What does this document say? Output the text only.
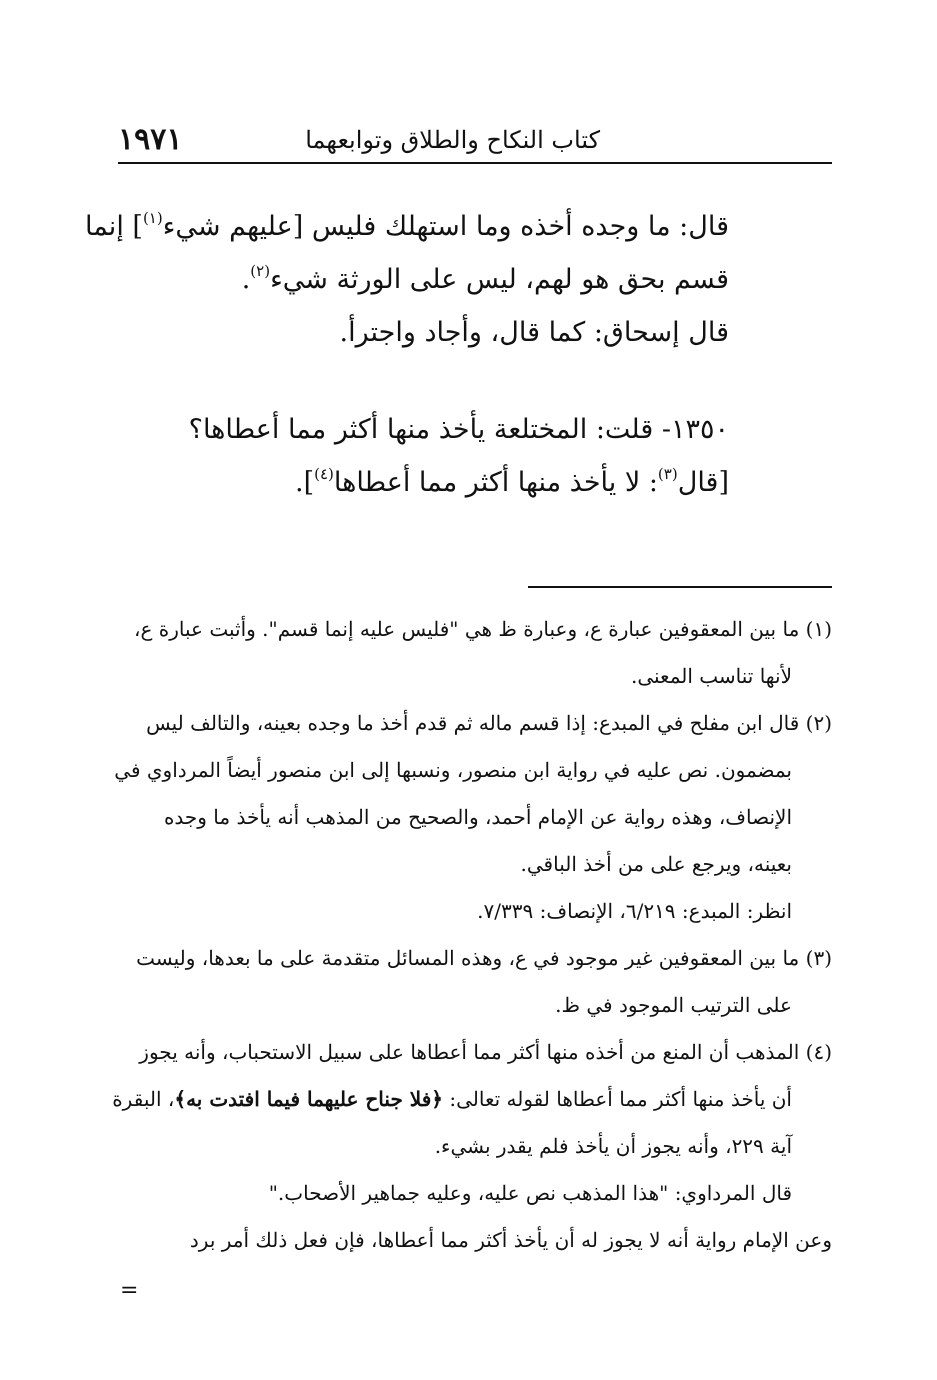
١٩٧١	كتاب النكاح والطلاق وتوابعهما

قال: ما وجده أخذه وما استهلك فليس [عليهم شيء$^{(١)}$] إنما

قسم بحق هو لهم، ليس على الورثة شيء$^{(٢)}$.

قال إسحاق: كما قال، وأجاد واجترأ.

١٣٥٠- قلت: المختلعة يأخذ منها أكثر مما أعطاها؟

[قال$^{(٣)}$: لا يأخذ منها أكثر مما أعطاها$^{(٤)}$].

(١) ما بين المعقوفين عبارة ع، وعبارة ظ هي "فليس عليه إنما قسم". وأثبت عبارة ع،
لأنها تناسب المعنى.
(٢) قال ابن مفلح في المبدع: إذا قسم ماله ثم قدم أخذ ما وجده بعينه، والتالف ليس
بمضمون. نص عليه في رواية ابن منصور، ونسبها إلى ابن منصور أيضاً المرداوي في
الإنصاف، وهذه رواية عن الإمام أحمد، والصحيح من المذهب أنه يأخذ ما وجده
بعينه، ويرجع على من أخذ الباقي.
انظر: المبدع: ٦/٢١٩، الإنصاف: ٧/٣٣٩.
(٣) ما بين المعقوفين غير موجود في ع، وهذه المسائل متقدمة على ما بعدها، وليست
على الترتيب الموجود في ظ.
(٤) المذهب أن المنع من أخذه منها أكثر مما أعطاها على سبيل الاستحباب، وأنه يجوز
أن يأخذ منها أكثر مما أعطاها لقوله تعالى: ﴿فلا جناح عليهما فيما افتدت به﴾، البقرة
آية ٢٢٩، وأنه يجوز أن يأخذ فلم يقدر بشيء.
قال المرداوي: "هذا المذهب نص عليه، وعليه جماهير الأصحاب."
وعن الإمام رواية أنه لا يجوز له أن يأخذ أكثر مما أعطاها، فإن فعل ذلك أمر برد
=
